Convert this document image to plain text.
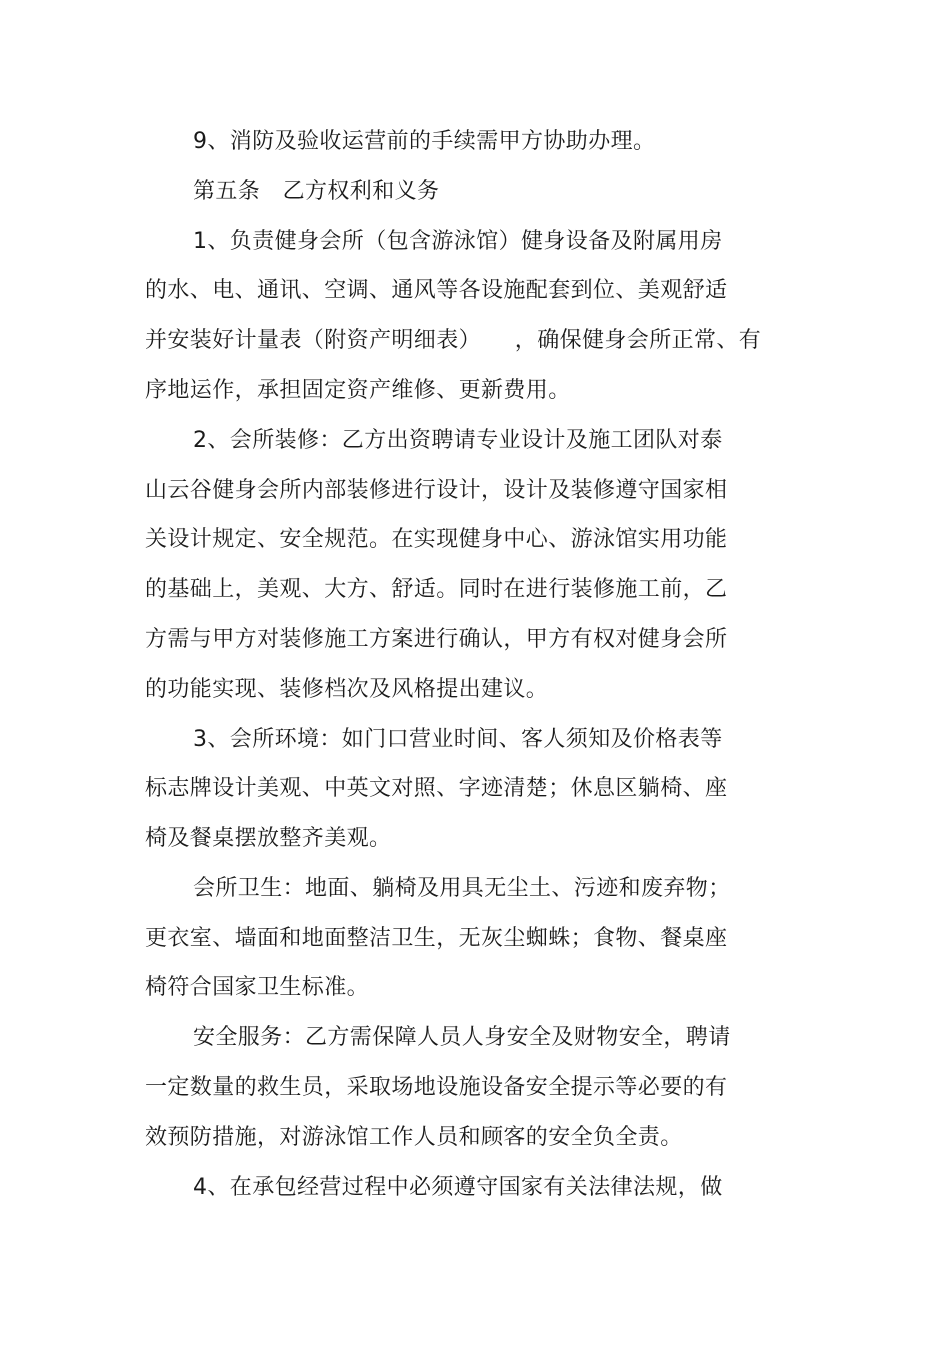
9、消防及验收运营前的手续需甲方协助办理。
第五条　乙方权利和义务
1、负责健身会所（包含游泳馆）健身设备及附属用房
的水、电、通讯、空调、通风等各设施配套到位、美观舒适
并安装好计量表（附资产明细表）　　，确保健身会所正常、有
序地运作，承担固定资产维修、更新费用。
2、会所装修：乙方出资聘请专业设计及施工团队对泰
山云谷健身会所内部装修进行设计，设计及装修遵守国家相
关设计规定、安全规范。在实现健身中心、游泳馆实用功能
的基础上，美观、大方、舒适。同时在进行装修施工前，乙
方需与甲方对装修施工方案进行确认，甲方有权对健身会所
的功能实现、装修档次及风格提出建议。
3、会所环境：如门口营业时间、客人须知及价格表等
标志牌设计美观、中英文对照、字迹清楚；休息区躺椅、座
椅及餐桌摆放整齐美观。
会所卫生：地面、躺椅及用具无尘土、污迹和废弃物；
更衣室、墙面和地面整洁卫生，无灰尘蜘蛛；食物、餐桌座
椅符合国家卫生标准。
安全服务：乙方需保障人员人身安全及财物安全，聘请
一定数量的救生员，采取场地设施设备安全提示等必要的有
效预防措施，对游泳馆工作人员和顾客的安全负全责。
4、在承包经营过程中必须遵守国家有关法律法规，做
